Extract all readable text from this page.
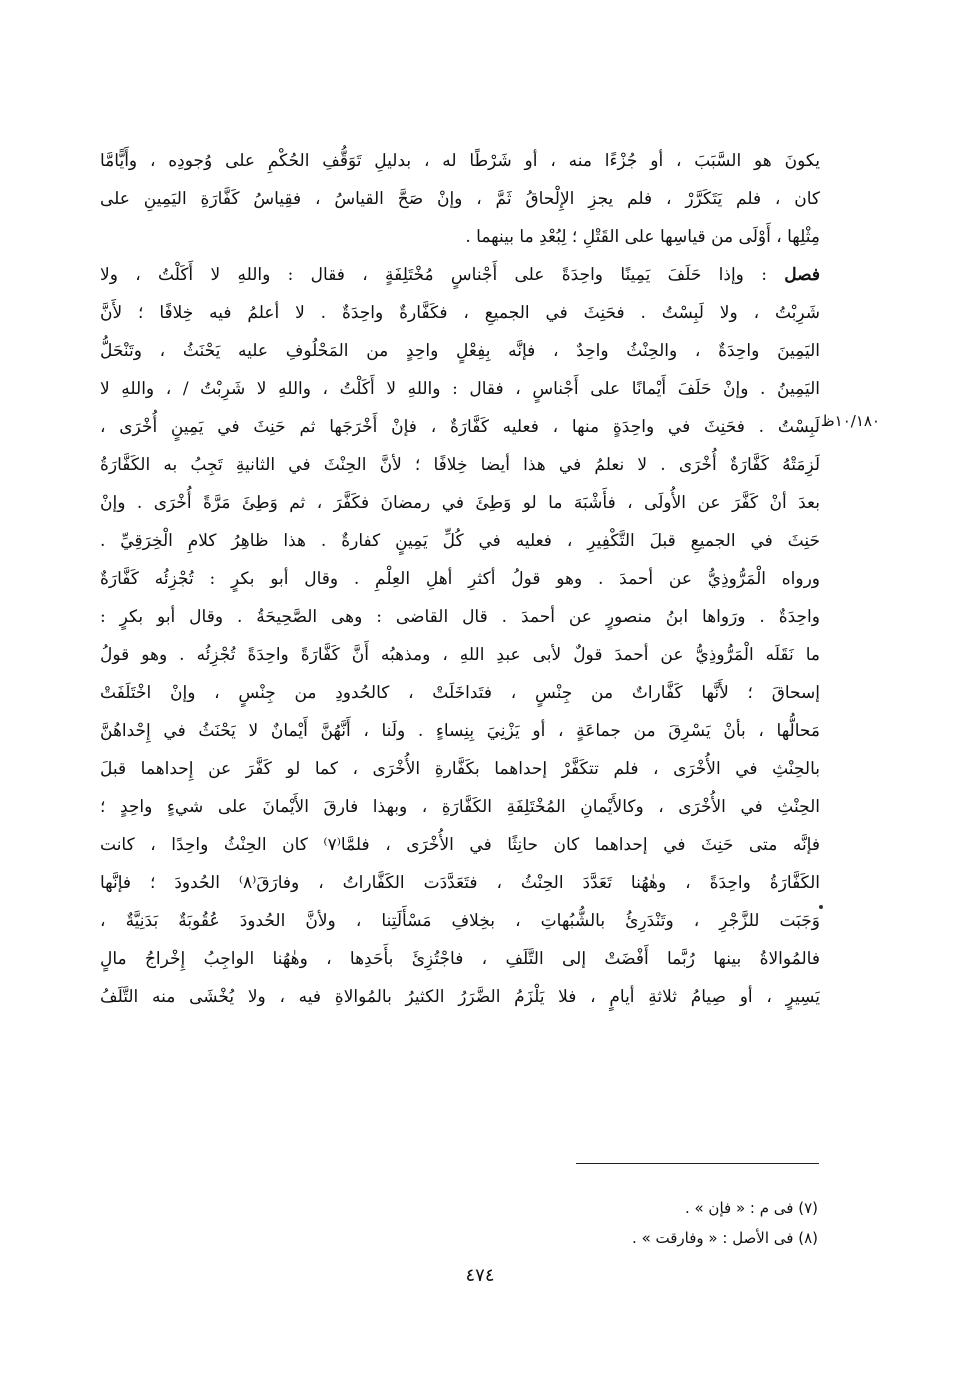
يكونَ هو السَّبَبَ ، أو جُزْءًا منه ، أو شَرْطًا له ، بدليلِ تَوَقُّفِ الحُكْمِ على وُجودِه ، وأَيًّامَّا
كان ، فلم يَتَكَرَّرْ ، فلم يجزِ الإِلْحاقُ ثَمَّ ، وإنْ صَحَّ القياسُ ، فقِياسُ كَفَّارَةِ اليَمِينِ على
مِثْلِها ، أَوْلَى من قياسِها على القَتْلِ ؛ لِبُعْدِ ما بينهما .
فصل : وإذا حَلَفَ يَمِينًا واحِدَةً على أَجْناسٍ مُخْتَلِفَةٍ ، فقال : واللهِ لا أَكَلْتُ ، ولا
شَرِبْتُ ، ولا لَبِسْتُ . فحَنِثَ في الجميعِ ، فكَفَّارةٌ واحِدَةٌ . لا أعلمُ فيه خِلافًا ؛ لأَنَّ
اليَمِينَ واحِدَةٌ ، والحِنْثُ واحِدٌ ، فإنَّه بِفِعْلٍ واحِدٍ من المَحْلُوفِ عليه يَحْنَثُ ، وتَنْحَلُّ
اليَمِينُ . وإنْ حَلَفَ أَيْمانًا على أَجْناسٍ ، فقال : واللهِ لا أَكَلْتُ ، واللهِ لا شَرِبْتُ / ، واللهِ لا
لَبِسْتُ . فحَنِثَ في واحِدَةٍ منها ، فعليه كَفَّارَةٌ ، فإنْ أَخْرَجَها ثم حَنِثَ في يَمِينٍ أُخْرَى ،
لَزِمَتْهُ كَفَّارَةٌ أُخْرَى . لا نعلمُ في هذا أيضا خِلافًا ؛ لأنَّ الحِنْثَ في الثانيةِ تَجِبُ به الكَفَّارَةُ
بعدَ أنْ كَفَّرَ عن الأُولَى ، فأَشْبَهَ ما لو وَطِئَ في رمضانَ فكَفَّرَ ، ثم وَطِئَ مَرَّةً أُخْرَى . وإنْ
حَنِثَ في الجميعِ قبلَ التَّكْفِيرِ ، فعليه في كُلِّ يَمِينٍ كفارةٌ . هذا ظاهِرُ كلامِ الْخِرَقِيِّ .
ورواه الْمَرُّوذِيُّ عن أحمدَ . وهو قولُ أكثرِ أهلِ العِلْمِ . وقال أبو بكرٍ : تُجْزِئُه كَفَّارَةٌ
واحِدَةٌ . ورَواها ابنُ منصورٍ عن أحمدَ . قال القاضى : وهى الصَّحِيحَةُ . وقال أبو بكرٍ :
ما نَقَلَه الْمَرُّوذِيُّ عن أحمدَ قولٌ لأبى عبدِ اللهِ ، ومذهبُه أَنَّ كَفَّارَةً واحِدَةً تُجْزِئُه . وهو قولُ
إسحاقَ ؛ لأَنَّها كَفَّاراتٌ من جِنْسٍ ، فتَداخَلَتْ ، كالحُدودِ من جِنْسٍ ، وإنْ اخْتَلَفَتْ
مَحالُّها ، بأنْ يَسْرِقَ من جماعَةٍ ، أو يَزْنِيَ بِنِساءٍ . ولَنا ، أَنَّهُنَّ أَيْمانٌ لا يَحْنَثُ في إِحْداهُنَّ
بالحِنْثِ في الأُخْرَى ، فلم تتكَفَّرْ إحداهما بكَفَّارةِ الأُخْرَى ، كما لو كَفَّرَ عن إِحداهما قبلَ
الحِنْثِ في الأُخْرَى ، وكالأَيْمانِ المُخْتَلِفَةِ الكَفَّارَةِ ، وبهذا فارقَ الأَيْمانَ على شيءٍ واحِدٍ ؛
فإنَّه متى حَنِثَ في إحداهما كان حانِثًا في الأُخْرَى ، فلمَّا⁽٧⁾ كان الحِنْثُ واحِدًا ، كانت
الكَفَّارَةُ واحِدَةً ، وهٰهُنا تَعَدَّدَ الحِنْثُ ، فتَعَدَّدَت الكَفَّاراتُ ، وفارَقَ⁽٨⁾ الحُدودَ ؛ فإنَّها
وَجَبَت للزَّجْرِ ، وتَنْدَرِئُ بالشُّبُهاتِ ، بخِلافِ مَسْأَلَتِنا ، ولأنَّ الحُدودَ عُقُوبَةٌ بَدَنِيَّةٌ ،
فالمُوالاةُ بينها رُبَّما أَفْضَتْ إلى التَّلَفِ ، فاجْتُزِئَ بأَحَدِها ، وهٰهُنا الواجِبُ إِخْراجُ مالٍ
يَسِيرٍ ، أو صِيامُ ثلاثةِ أيامٍ ، فلا يَلْزَمُ الضَّرَرُ الكثيرُ بالمُوالاةِ فيه ، ولا يُخْشَى منه التَّلَفُ
١٠/١٨٠ظ
(٧) فى م : « فإن » .
(٨) فى الأصل : « وفارقت » .
٤٧٤
